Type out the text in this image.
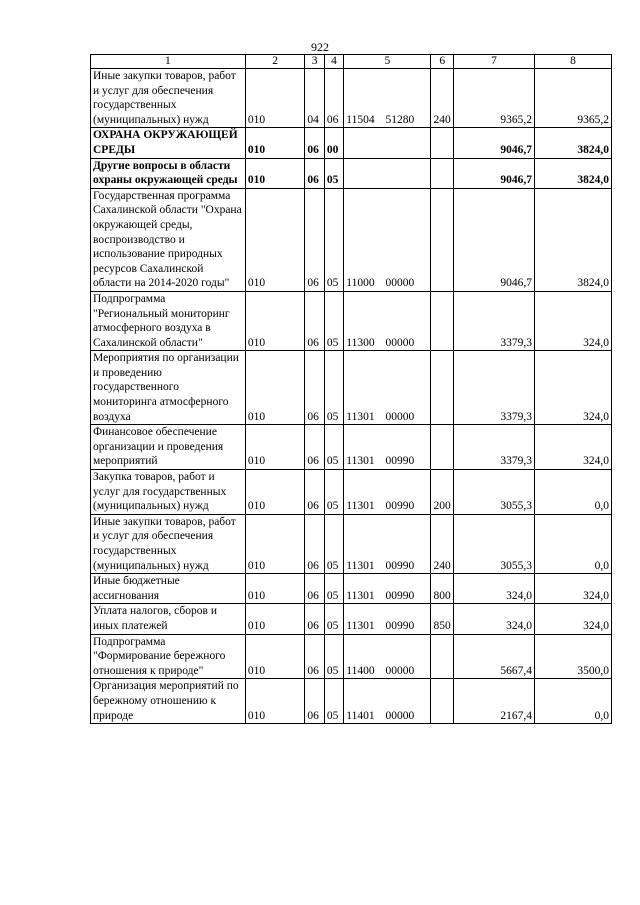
922
1	2	3	4	5	6	7	8
Иные закупки товаров, работ и услуг для обеспечения государственных (муниципальных) нужд	010	04	06	11504 51280	240	9365,2	9365,2
ОХРАНА ОКРУЖАЮЩЕЙ СРЕДЫ	010	06	00			9046,7	3824,0
Другие вопросы в области охраны окружающей среды	010	06	05			9046,7	3824,0
Государственная программа Сахалинской области "Охрана окружающей среды, воспроизводство и использование природных ресурсов Сахалинской области на 2014-2020 годы"	010	06	05	11000 00000		9046,7	3824,0
Подпрограмма "Региональный мониторинг атмосферного воздуха в Сахалинской области"	010	06	05	11300 00000		3379,3	324,0
Мероприятия по организации и проведению государственного мониторинга атмосферного воздуха	010	06	05	11301 00000		3379,3	324,0
Финансовое обеспечение организации и проведения мероприятий	010	06	05	11301 00990		3379,3	324,0
Закупка товаров, работ и услуг для государственных (муниципальных) нужд	010	06	05	11301 00990	200	3055,3	0,0
Иные закупки товаров, работ и услуг для обеспечения государственных (муниципальных) нужд	010	06	05	11301 00990	240	3055,3	0,0
Иные бюджетные ассигнования	010	06	05	11301 00990	800	324,0	324,0
Уплата налогов, сборов и иных платежей	010	06	05	11301 00990	850	324,0	324,0
Подпрограмма "Формирование бережного отношения к природе"	010	06	05	11400 00000		5667,4	3500,0
Организация мероприятий по бережному отношению к природе	010	06	05	11401 00000		2167,4	0,0
